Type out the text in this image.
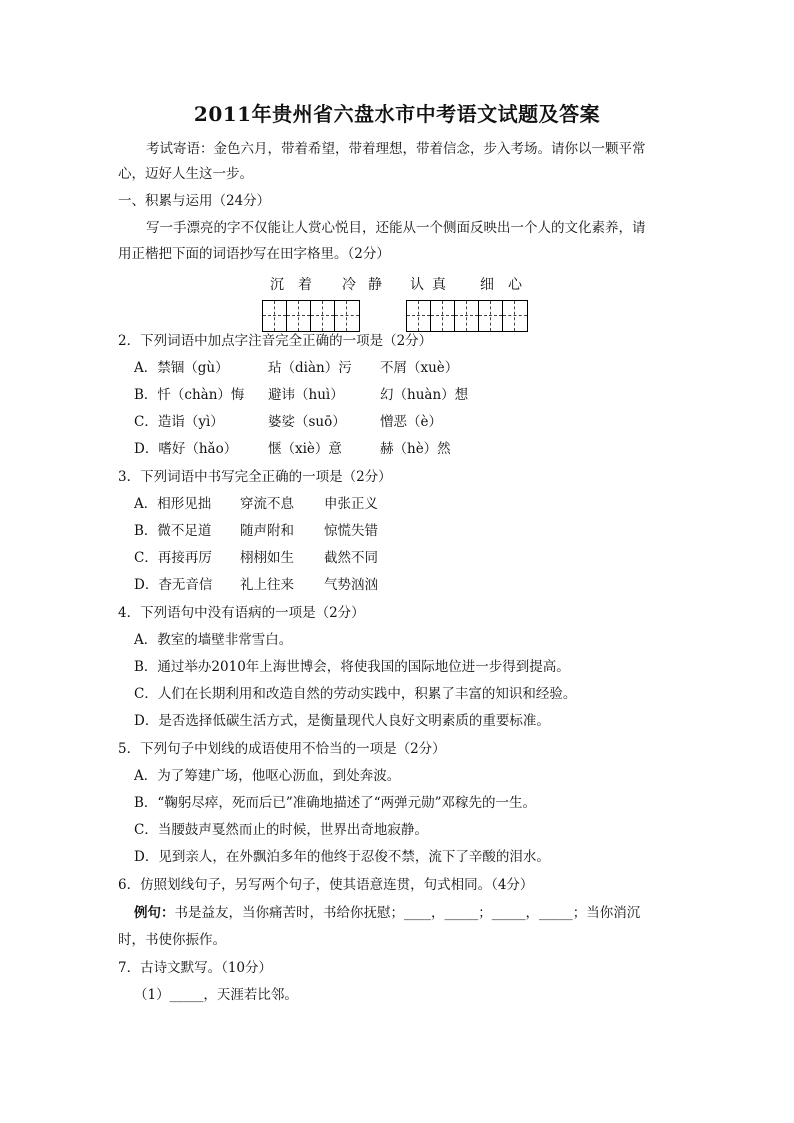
2011年贵州省六盘水市中考语文试题及答案
考试寄语：金色六月，带着希望，带着理想，带着信念，步入考场。请你以一颗平常
心，迈好人生这一步。
一、积累与运用（24分）
写一手漂亮的字不仅能让人赏心悦目，还能从一个侧面反映出一个人的文化素养，请
用正楷把下面的词语抄写在田字格里。（2分）
沉 着 冷 静 认 真 细 心
2．下列词语中加点字注音完全正确的一项是（2分）
A．禁锢（gù）	玷（diàn）污 不屑（xuè）
B．忏（chàn）悔 避讳（huì）	幻（huàn）想
C．造诣（yì）	婆娑（suō）	憎恶（è）
D．嗜好（hǎo） 惬（xiè）意	赫（hè）然
3．下列词语中书写完全正确的一项是（2分）
A．相形见拙 穿流不息 申张正义
B．微不足道 随声附和 惊慌失错
C．再接再厉 栩栩如生 截然不同
D．杳无音信 礼上往来 气势汹汹
4．下列语句中没有语病的一项是（2分）
A．教室的墙壁非常雪白。
B．通过举办2010年上海世博会，将使我国的国际地位进一步得到提高。
C．人们在长期利用和改造自然的劳动实践中，积累了丰富的知识和经验。
D．是否选择低碳生活方式，是衡量现代人良好文明素质的重要标准。
5．下列句子中划线的成语使用不恰当的一项是（2分）
A．为了筹建广场，他呕心沥血，到处奔波。
B．“鞠躬尽瘁，死而后已”准确地描述了“两弹元勋”邓稼先的一生。
C．当腰鼓声戛然而止的时候，世界出奇地寂静。
D．见到亲人，在外飘泊多年的他终于忍俊不禁，流下了辛酸的泪水。
6．仿照划线句子，另写两个句子，使其语意连贯，句式相同。（4分）
例句：书是益友，当你痛苦时，书给你抚慰；____，_____；_____，_____；当你消沉
时，书使你振作。
7．古诗文默写。（10分）
（1）_____，天涯若比邻。
